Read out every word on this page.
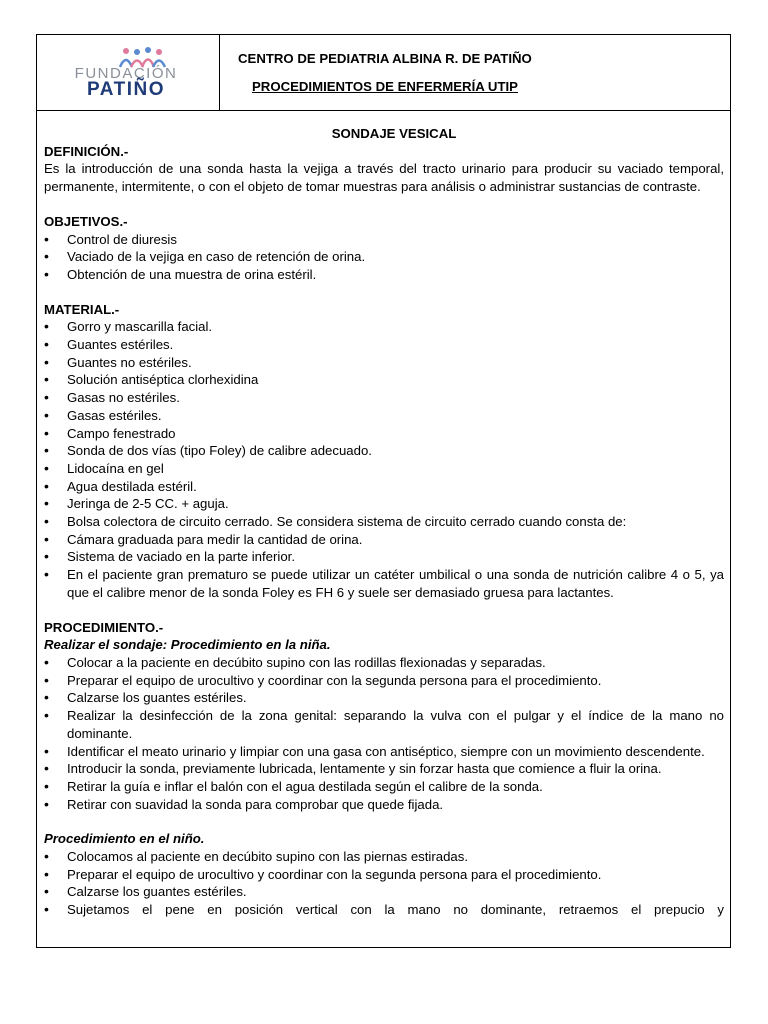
FUNDACIÓN
PATIÑO
CENTRO DE PEDIATRIA ALBINA R. DE PATIÑO
PROCEDIMIENTOS DE ENFERMERÍA UTIP

SONDAJE VESICAL

DEFINICIÓN.-

Es la introducción de una sonda hasta la vejiga a través del tracto urinario para producir su vaciado temporal, permanente, intermitente, o con el objeto de tomar muestras para análisis o administrar sustancias de contraste.

OBJETIVOS.-

• Control de diuresis
• Vaciado de la vejiga en caso de retención de orina.
• Obtención de una muestra de orina estéril.

MATERIAL.-

• Gorro y mascarilla facial.
• Guantes estériles.
• Guantes no estériles.
• Solución antiséptica clorhexidina
• Gasas no estériles.
• Gasas estériles.
• Campo fenestrado
• Sonda de dos vías (tipo Foley) de calibre adecuado.
• Lidocaína en gel
• Agua destilada estéril.
• Jeringa de 2-5 CC. + aguja.
• Bolsa colectora de circuito cerrado. Se considera sistema de circuito cerrado cuando consta de:
• Cámara graduada para medir la cantidad de orina.
• Sistema de vaciado en la parte inferior.
• En el paciente gran prematuro se puede utilizar un catéter umbilical o una sonda de nutrición calibre 4 o 5, ya que el calibre menor de la sonda Foley es FH 6 y suele ser demasiado gruesa para lactantes.

PROCEDIMIENTO.-

Realizar el sondaje: Procedimiento en la niña.

• Colocar a la paciente en decúbito supino con las rodillas flexionadas y separadas.
• Preparar el equipo de urocultivo y coordinar con la segunda persona para el procedimiento.
• Calzarse los guantes estériles.
• Realizar la desinfección de la zona genital: separando la vulva con el pulgar y el índice de la mano no dominante.
• Identificar el meato urinario y limpiar con una gasa con antiséptico, siempre con un movimiento descendente.
• Introducir la sonda, previamente lubricada, lentamente y sin forzar hasta que comience a fluir la orina.
• Retirar la guía e inflar el balón con el agua destilada según el calibre de la sonda.
• Retirar con suavidad la sonda para comprobar que quede fijada.

Procedimiento en el niño.

• Colocamos al paciente en decúbito supino con las piernas estiradas.
• Preparar el equipo de urocultivo y coordinar con la segunda persona para el procedimiento.
• Calzarse los guantes estériles.
• Sujetamos el pene en posición vertical con la mano no dominante, retraemos el prepucio y
